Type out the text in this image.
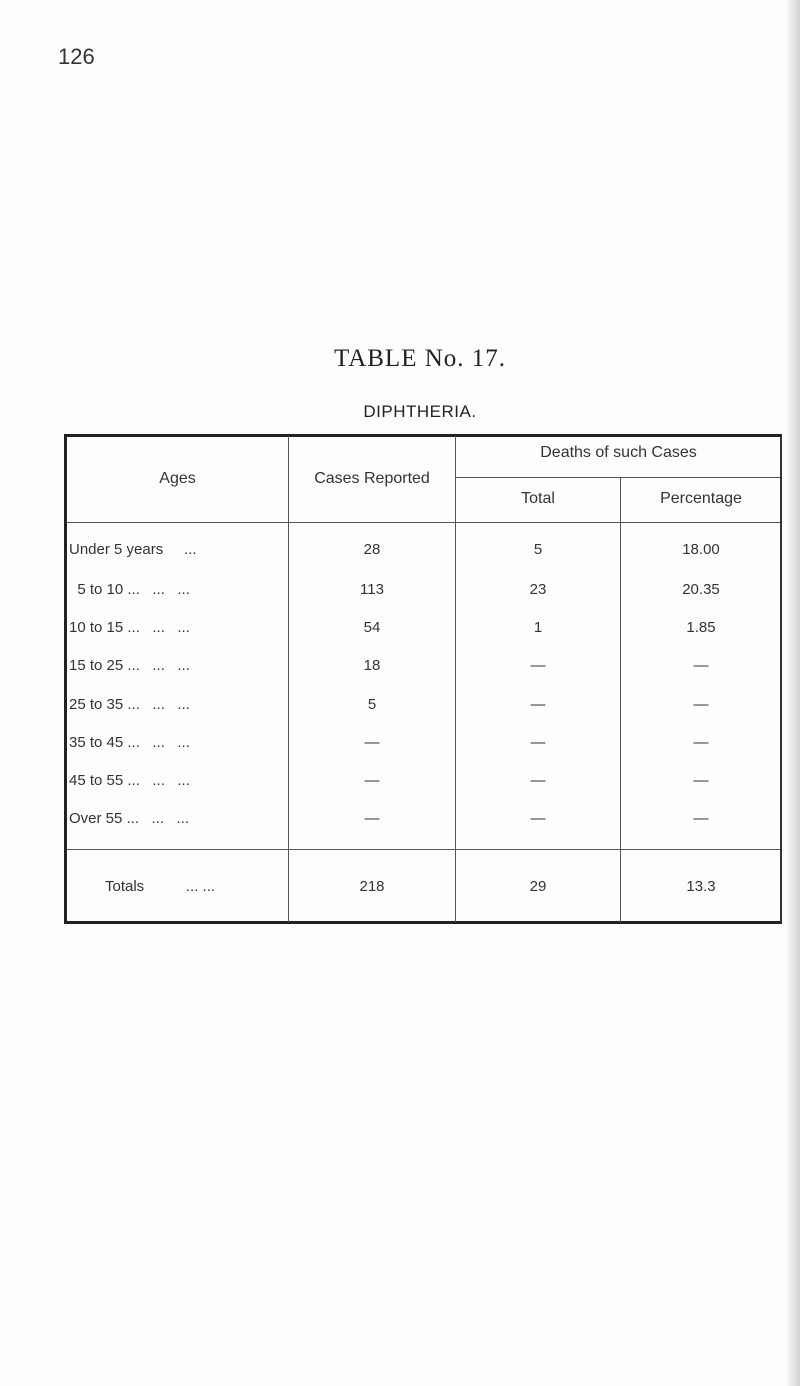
126
TABLE No. 17.
DIPHTHERIA.
Ages	Cases Reported
Deaths of such Cases
Total	Percentage
Under 5 years     ...	28	5	18.00
5 to 10 ...   ...   ...	113	23	20.35
10 to 15 ...   ...   ...	54	1	1.85
15 to 25 ...   ...   ...	18	—	—
25 to 35 ...   ...   ...	5	—	—
35 to 45 ...   ...   ...	—	—	—
45 to 55 ...   ...   ...	—	—	—
Over 55 ...   ...   ...	—	—	—
Totals          ... ...	218	29	13.3
